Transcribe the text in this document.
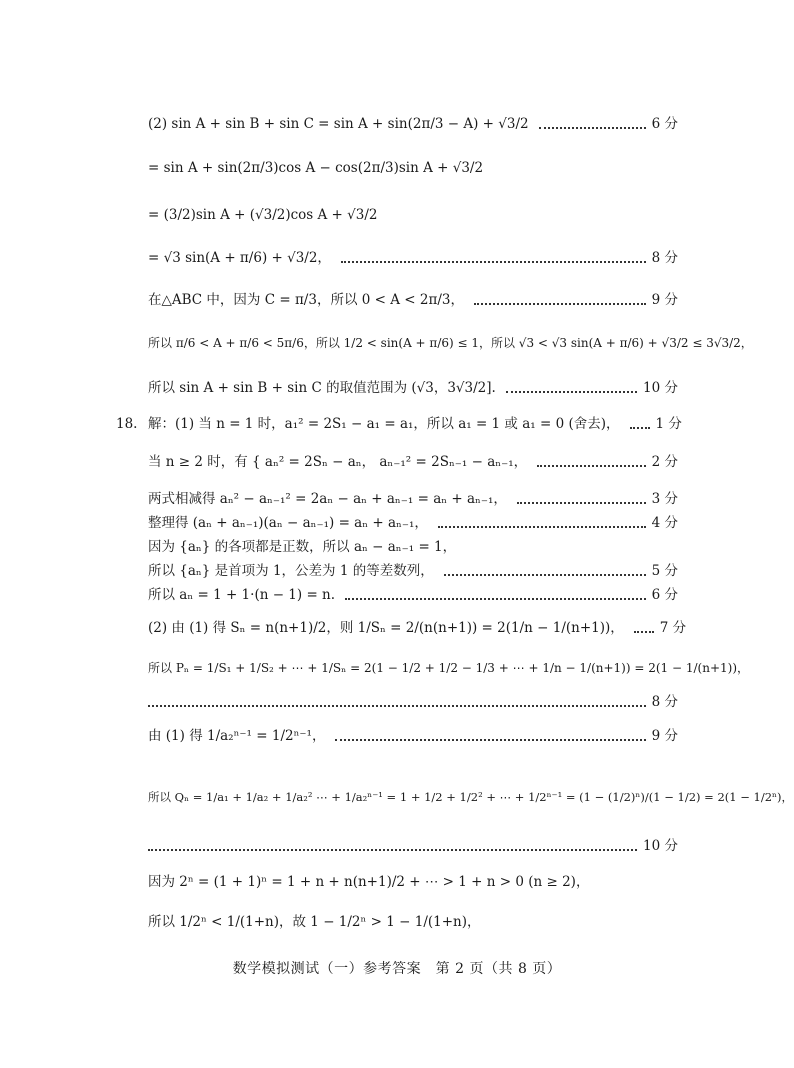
(2) sin A + sin B + sin C = sin A + sin(2π/3 − A) + √3/2	6 分
= sin A + sin(2π/3)cos A − cos(2π/3)sin A + √3/2
= (3/2)sin A + (√3/2)cos A + √3/2
= √3 sin(A + π/6) + √3/2，	8 分
在△ABC 中，因为 C = π/3，所以 0 < A < 2π/3，	9 分
所以 π/6 < A + π/6 < 5π/6，所以 1/2 < sin(A + π/6) ≤ 1，所以 √3 < √3 sin(A + π/6) + √3/2 ≤ 3√3/2，
所以 sin A + sin B + sin C 的取值范围为 (√3，3√3/2].	10 分
18. 解：(1) 当 n = 1 时，a₁² = 2S₁ − a₁ = a₁，所以 a₁ = 1 或 a₁ = 0 (舍去)，	1 分
当 n ≥ 2 时，有 { aₙ² = 2Sₙ − aₙ， aₙ₋₁² = 2Sₙ₋₁ − aₙ₋₁，	2 分
两式相减得 aₙ² − aₙ₋₁² = 2aₙ − aₙ + aₙ₋₁ = aₙ + aₙ₋₁，	3 分
整理得 (aₙ + aₙ₋₁)(aₙ − aₙ₋₁) = aₙ + aₙ₋₁，	4 分
因为 {aₙ} 的各项都是正数，所以 aₙ − aₙ₋₁ = 1，
所以 {aₙ} 是首项为 1，公差为 1 的等差数列，	5 分
所以 aₙ = 1 + 1·(n − 1) = n.	6 分
(2) 由 (1) 得 Sₙ = n(n+1)/2，则 1/Sₙ = 2/(n(n+1)) = 2(1/n − 1/(n+1))，	7 分
所以 Pₙ = 1/S₁ + 1/S₂ + ⋯ + 1/Sₙ = 2(1 − 1/2 + 1/2 − 1/3 + ⋯ + 1/n − 1/(n+1)) = 2(1 − 1/(n+1))，
8 分
由 (1) 得 1/a₂ⁿ⁻¹ = 1/2ⁿ⁻¹，	9 分
所以 Qₙ = 1/a₁ + 1/a₂ + 1/a₂² ⋯ + 1/a₂ⁿ⁻¹ = 1 + 1/2 + 1/2² + ⋯ + 1/2ⁿ⁻¹ = (1 − (1/2)ⁿ)/(1 − 1/2) = 2(1 − 1/2ⁿ)，
10 分
因为 2ⁿ = (1 + 1)ⁿ = 1 + n + n(n+1)/2 + ⋯ > 1 + n > 0 (n ≥ 2)，
所以 1/2ⁿ < 1/(1+n)，故 1 − 1/2ⁿ > 1 − 1/(1+n)，
数学模拟测试（一）参考答案　第 2 页（共 8 页）
